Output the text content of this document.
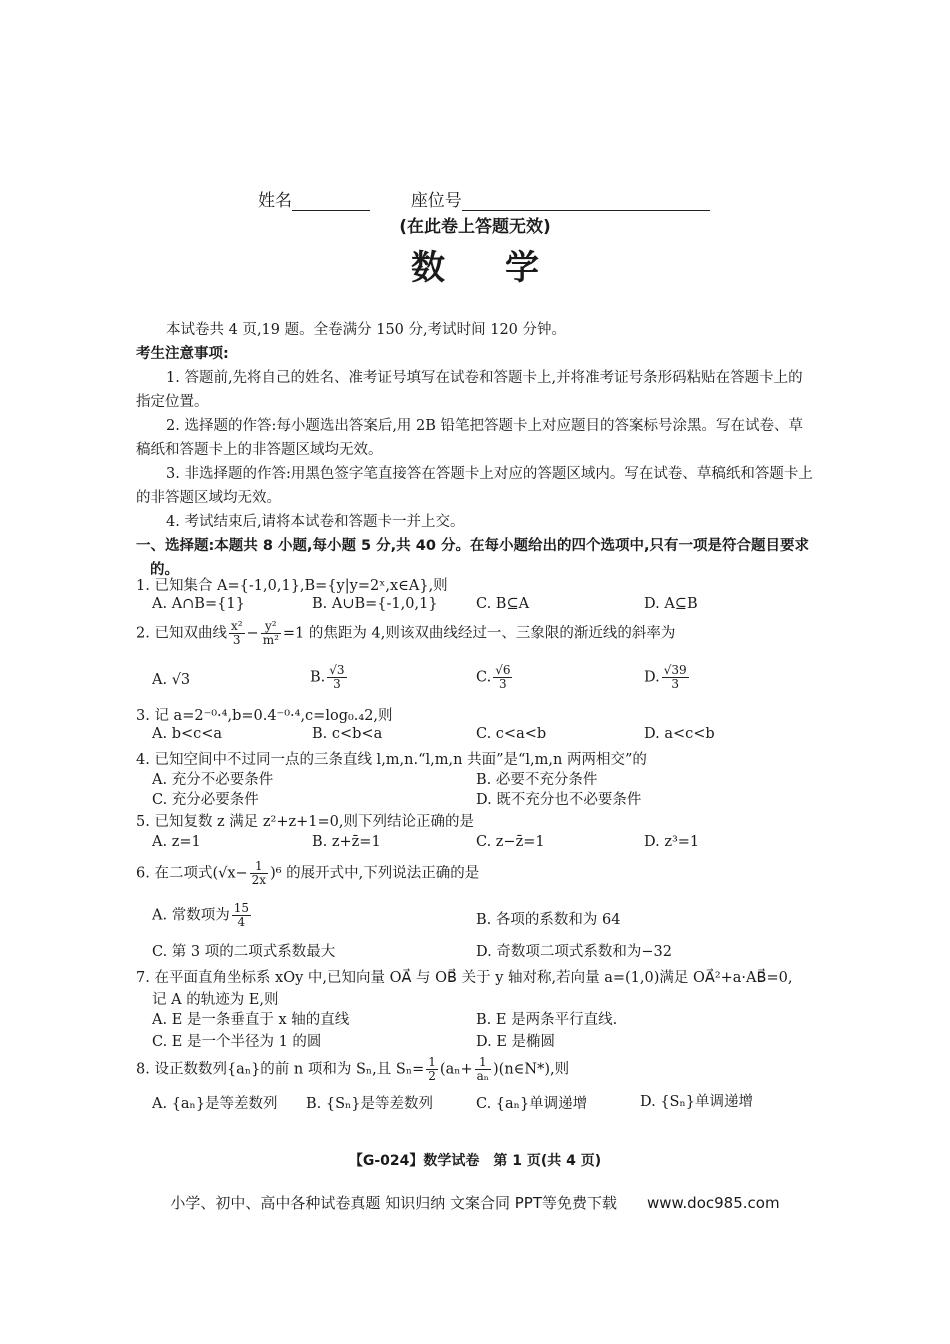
姓名	座位号
(在此卷上答题无效)
数学
本试卷共 4 页,19 题。全卷满分 150 分,考试时间 120 分钟。
考生注意事项:
1. 答题前,先将自己的姓名、准考证号填写在试卷和答题卡上,并将准考证号条形码粘贴在答题卡上的指定位置。
2. 选择题的作答:每小题选出答案后,用 2B 铅笔把答题卡上对应题目的答案标号涂黑。写在试卷、草稿纸和答题卡上的非答题区域均无效。
3. 非选择题的作答:用黑色签字笔直接答在答题卡上对应的答题区域内。写在试卷、草稿纸和答题卡上的非答题区域均无效。
4. 考试结束后,请将本试卷和答题卡一并上交。
一、选择题:本题共 8 小题,每小题 5 分,共 40 分。在每小题给出的四个选项中,只有一项是符合题目要求的。
1. 已知集合 A={-1,0,1},B={y|y=2ˣ,x∈A},则
A. A∩B={1}	B. A∪B={-1,0,1}	C. B⊆A	D. A⊆B
2. 已知双曲线 $\frac{\text{x²}}{3} - \frac{\text{y²}}{\text{m²}} =1$ 的焦距为 4,则该双曲线经过一、三象限的渐近线的斜率为
A. √3	B. $\frac{√3}{3}$	C. $\frac{√6}{3}$	D. $\frac{√39}{3}$
3. 记 a=2⁻⁰·⁴,b=0.4⁻⁰·⁴,c=log₀.₄2,则
A. b<c<a	B. c<b<a	C. c<a<b	D. a<c<b
4. 已知空间中不过同一点的三条直线 l,m,n.“l,m,n 共面”是“l,m,n 两两相交”的
A. 充分不必要条件	B. 必要不充分条件
C. 充分必要条件	D. 既不充分也不必要条件
5. 已知复数 z 满足 z²+z+1=0,则下列结论正确的是
A. z=1	B. z+z̄=1	C. z−z̄=1	D. z³=1
6. 在二项式$(√x- \frac{1}{2x} )^6$ 的展开式中,下列说法正确的是
A. 常数项为 $\frac{15}{4}$	B. 各项的系数和为 64
C. 第 3 项的二项式系数最大	D. 奇数项二项式系数和为−32
7. 在平面直角坐标系 xOy 中,已知向量 OA⃗ 与 OB⃗ 关于 y 轴对称,若向量 a=(1,0)满足 OA⃗²+a·AB⃗=0,
记 A 的轨迹为 E,则
A. E 是一条垂直于 x 轴的直线	B. E 是两条平行直线.
C. E 是一个半径为 1 的圆	D. E 是椭圆
8. 设正数数列{aₙ}的前 n 项和为 Sₙ,且 $S_n= \frac{1}{2} (a_n+ \frac{1}{\text{aₙ}}$ )(n∈N*),则
A. {aₙ}是等差数列 B. {Sₙ}是等差数列	C. {aₙ}单调递增	D. {Sₙ}单调递增
【G-024】数学试卷　第 1 页(共 4 页)
小学、初中、高中各种试卷真题 知识归纳 文案合同 PPT等免费下载　　www.doc985.com
